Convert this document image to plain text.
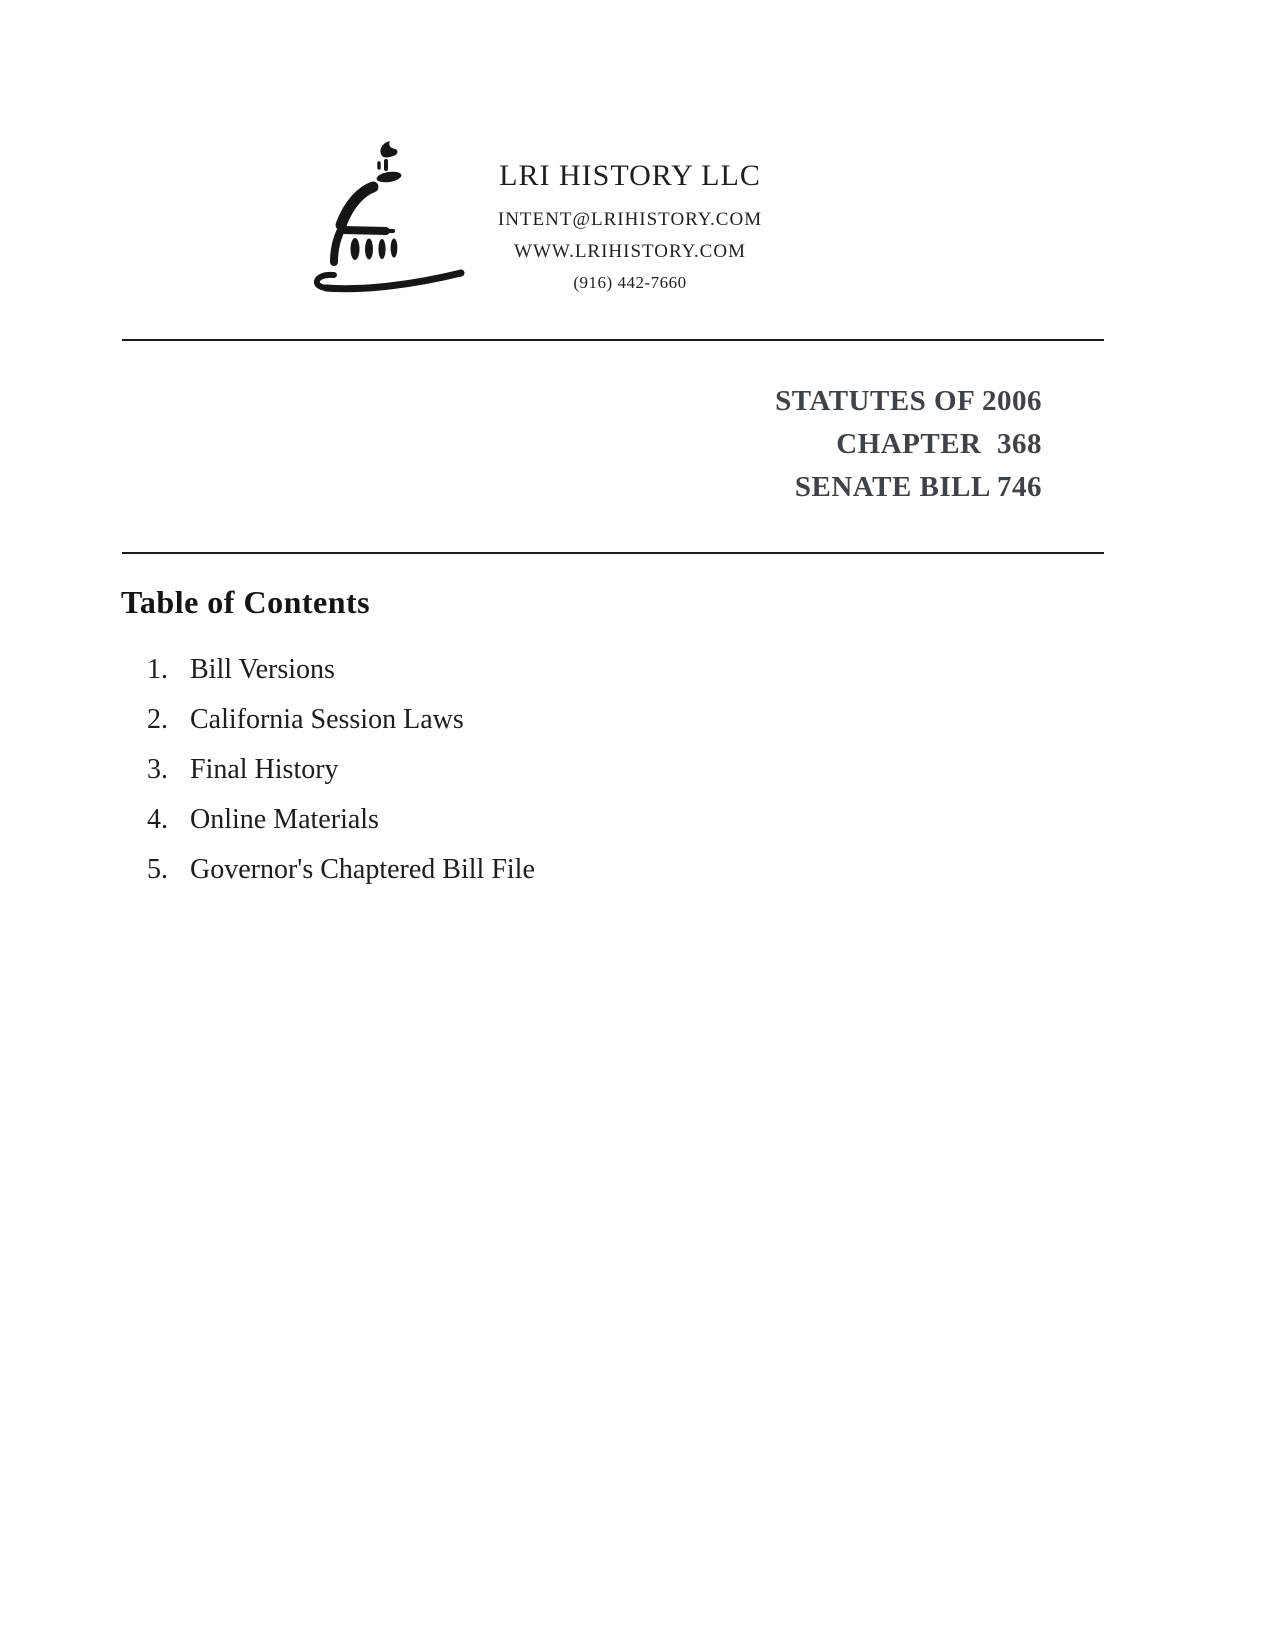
LRI HISTORY LLC
INTENT@LRIHISTORY.COM
WWW.LRIHISTORY.COM
(916) 442-7660
STATUTES OF 2006
CHAPTER  368
SENATE BILL 746
Table of Contents
1. Bill Versions
2. California Session Laws
3. Final History
4. Online Materials
5. Governor's Chaptered Bill File
